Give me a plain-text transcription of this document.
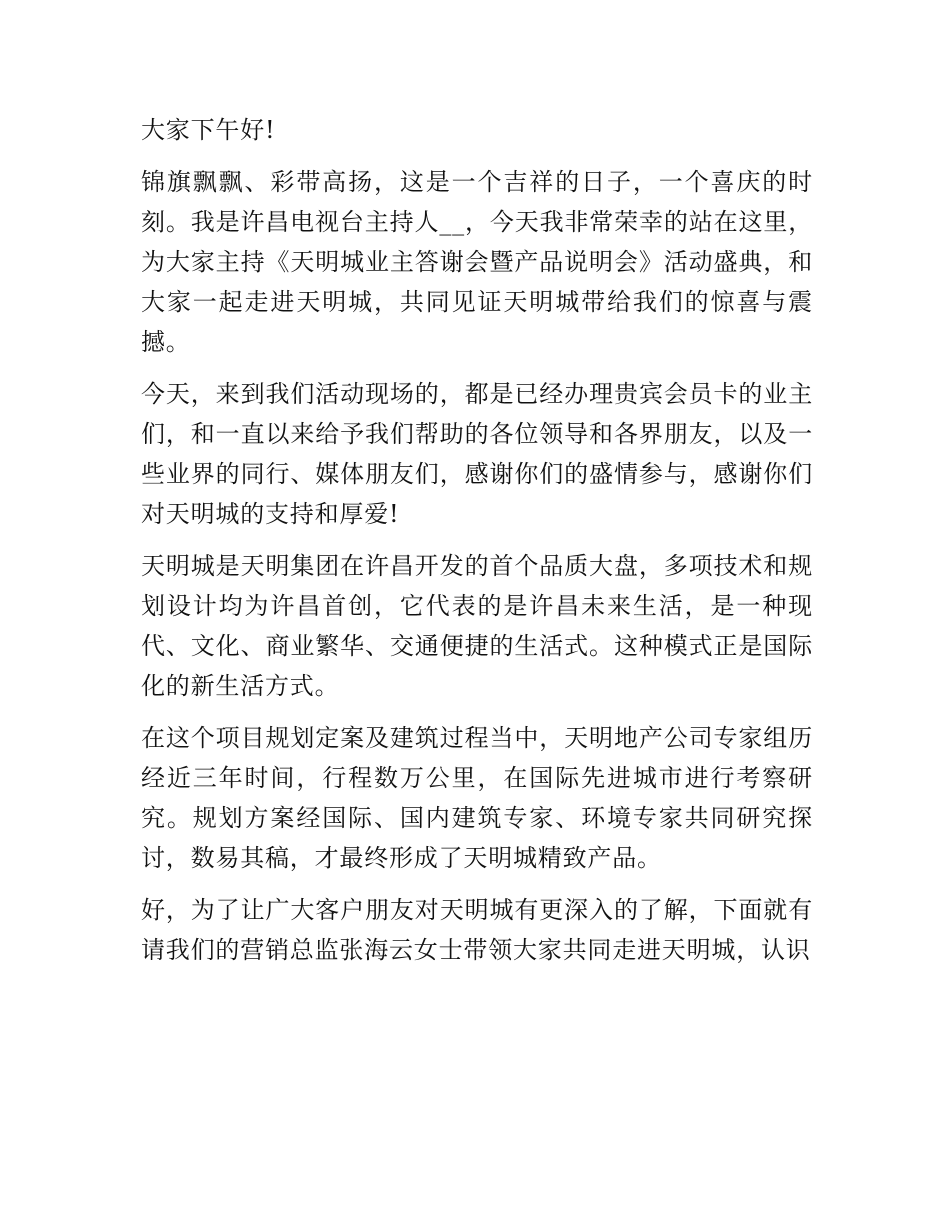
大家下午好!

锦旗飘飘、彩带高扬，这是一个吉祥的日子，一个喜庆的时刻。我是许昌电视台主持人__，今天我非常荣幸的站在这里，为大家主持《天明城业主答谢会暨产品说明会》活动盛典，和大家一起走进天明城，共同见证天明城带给我们的惊喜与震撼。

今天，来到我们活动现场的，都是已经办理贵宾会员卡的业主们，和一直以来给予我们帮助的各位领导和各界朋友，以及一些业界的同行、媒体朋友们，感谢你们的盛情参与，感谢你们对天明城的支持和厚爱!

天明城是天明集团在许昌开发的首个品质大盘，多项技术和规划设计均为许昌首创，它代表的是许昌未来生活，是一种现代、文化、商业繁华、交通便捷的生活式。这种模式正是国际化的新生活方式。

在这个项目规划定案及建筑过程当中，天明地产公司专家组历经近三年时间，行程数万公里，在国际先进城市进行考察研究。规划方案经国际、国内建筑专家、环境专家共同研究探讨，数易其稿，才最终形成了天明城精致产品。

好，为了让广大客户朋友对天明城有更深入的了解，下面就有请我们的营销总监张海云女士带领大家共同走进天明城，认识
